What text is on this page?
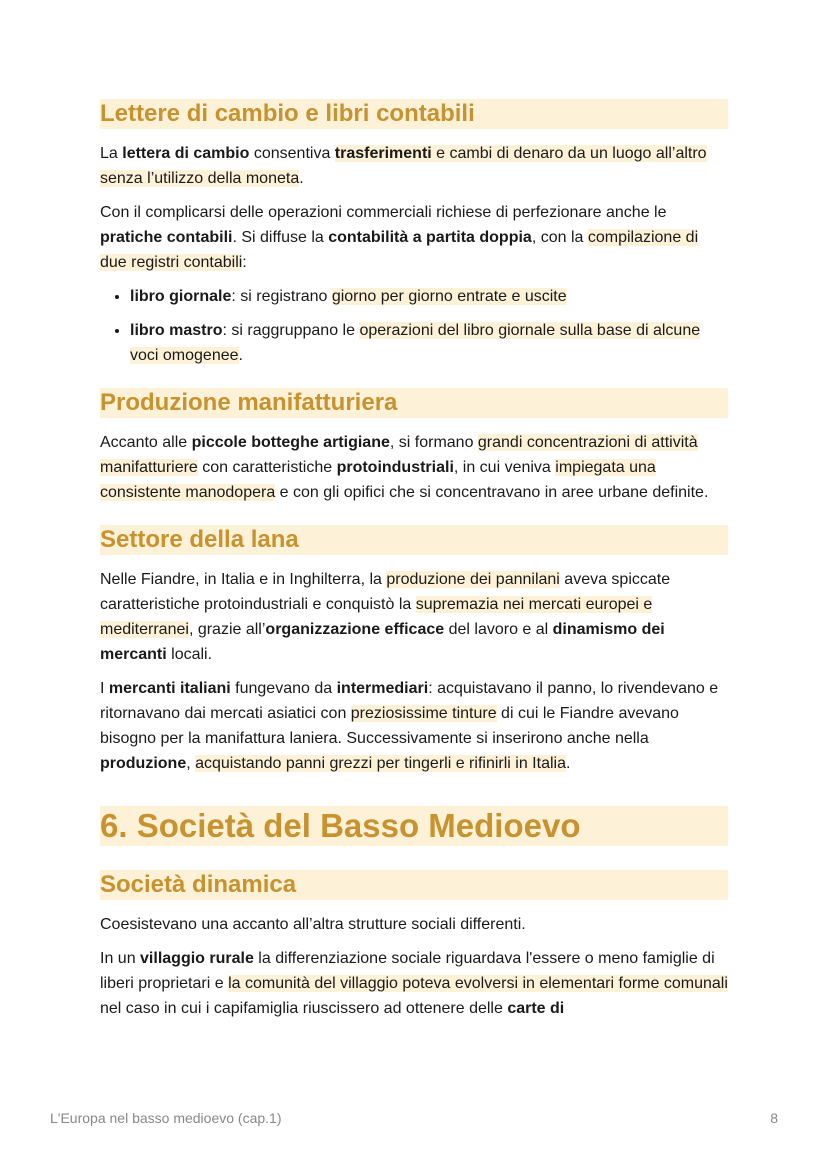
Lettere di cambio e libri contabili

La lettera di cambio consentiva trasferimenti e cambi di denaro da un luogo all’altro senza l’utilizzo della moneta.

Con il complicarsi delle operazioni commerciali richiese di perfezionare anche le pratiche contabili. Si diffuse la contabilità a partita doppia, con la compilazione di due registri contabili:

• libro giornale: si registrano giorno per giorno entrate e uscite
• libro mastro: si raggruppano le operazioni del libro giornale sulla base di alcune voci omogenee.
Produzione manifatturiera

Accanto alle piccole botteghe artigiane, si formano grandi concentrazioni di attività manifatturiere con caratteristiche protoindustriali, in cui veniva impiegata una consistente manodopera e con gli opifici che si concentravano in aree urbane definite.

Settore della lana

Nelle Fiandre, in Italia e in Inghilterra, la produzione dei pannilani aveva spiccate caratteristiche protoindustriali e conquistò la supremazia nei mercati europei e mediterranei, grazie all’organizzazione efficace del lavoro e al dinamismo dei mercanti locali.

I mercanti italiani fungevano da intermediari: acquistavano il panno, lo rivendevano e ritornavano dai mercati asiatici con preziosissime tinture di cui le Fiandre avevano bisogno per la manifattura laniera. Successivamente si inserirono anche nella produzione, acquistando panni grezzi per tingerli e rifinirli in Italia.

6. Società del Basso Medioevo
Società dinamica

Coesistevano una accanto all’altra strutture sociali differenti.

In un villaggio rurale la differenziazione sociale riguardava l'essere o meno famiglie di liberi proprietari e la comunità del villaggio poteva evolversi in elementari forme comunali nel caso in cui i capifamiglia riuscissero ad ottenere delle carte di

L'Europa nel basso medioevo (cap.1)	8
